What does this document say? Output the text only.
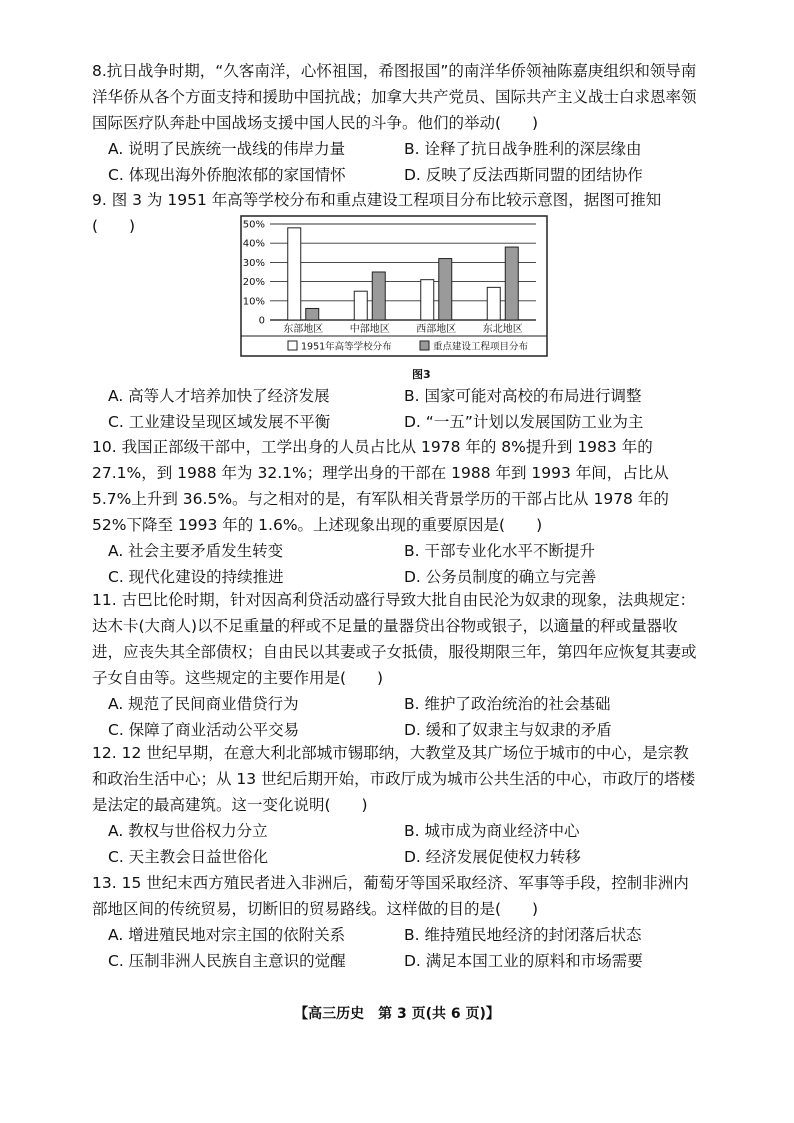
8.抗日战争时期，“久客南洋，心怀祖国，希图报国”的南洋华侨领袖陈嘉庚组织和领导南洋华侨从各个方面支持和援助中国抗战；加拿大共产党员、国际共产主义战士白求恩率领国际医疗队奔赴中国战场支援中国人民的斗争。他们的举动(　　)
A. 说明了民族统一战线的伟岸力量	B. 诠释了抗日战争胜利的深层缘由
C. 体现出海外侨胞浓郁的家国情怀	D. 反映了反法西斯同盟的团结协作
9. 图 3 为 1951 年高等学校分布和重点建设工程项目分布比较示意图，据图可推知(　　)
0
10%
20%
30%
40%
50%
东部地区	中部地区	西部地区	东北地区
1951年高等学校分布	重点建设工程项目分布
图3
A. 高等人才培养加快了经济发展	B. 国家可能对高校的布局进行调整
C. 工业建设呈现区域发展不平衡	D. “一五”计划以发展国防工业为主
10. 我国正部级干部中，工学出身的人员占比从 1978 年的 8%提升到 1983 年的 27.1%，到 1988 年为 32.1%；理学出身的干部在 1988 年到 1993 年间，占比从 5.7%上升到 36.5%。与之相对的是，有军队相关背景学历的干部占比从 1978 年的 52%下降至 1993 年的 1.6%。上述现象出现的重要原因是(　　)
A. 社会主要矛盾发生转变	B. 干部专业化水平不断提升
C. 现代化建设的持续推进	D. 公务员制度的确立与完善
11. 古巴比伦时期，针对因高利贷活动盛行导致大批自由民沦为奴隶的现象，法典规定：达木卡(大商人)以不足重量的秤或不足量的量器贷出谷物或银子，以適量的秤或量器收进，应丧失其全部债权；自由民以其妻或子女抵债，服役期限三年，第四年应恢复其妻或子女自由等。这些规定的主要作用是(　　)
A. 规范了民间商业借贷行为	B. 维护了政治统治的社会基础
C. 保障了商业活动公平交易	D. 缓和了奴隶主与奴隶的矛盾
12. 12 世纪早期，在意大利北部城市锡耶纳，大教堂及其广场位于城市的中心，是宗教和政治生活中心；从 13 世纪后期开始，市政厅成为城市公共生活的中心，市政厅的塔楼是法定的最高建筑。这一变化说明(　　)
A. 教权与世俗权力分立	B. 城市成为商业经济中心
C. 天主教会日益世俗化	D. 经济发展促使权力转移
13. 15 世纪末西方殖民者进入非洲后，葡萄牙等国采取经济、军事等手段，控制非洲内部地区间的传统贸易，切断旧的贸易路线。这样做的目的是(　　)
A. 增进殖民地对宗主国的依附关系	B. 维持殖民地经济的封闭落后状态
C. 压制非洲人民族自主意识的觉醒	D. 满足本国工业的原料和市场需要
【高三历史　第 3 页(共 6 页)】
